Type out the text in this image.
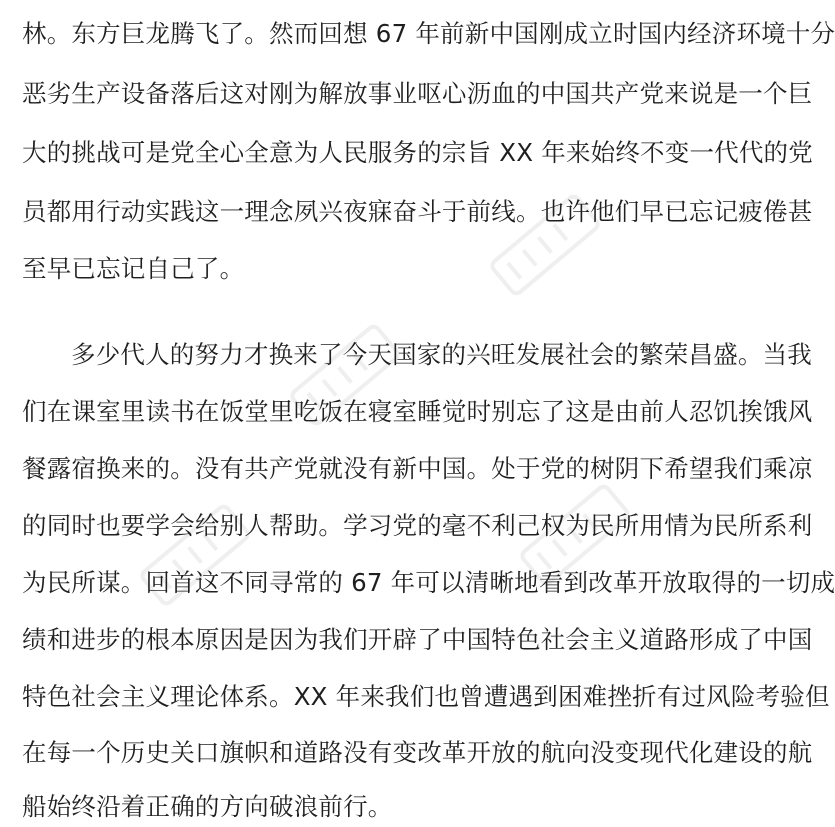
林。东方巨龙腾飞了。然而回想 67 年前新中国刚成立时国内经济环境十分
恶劣生产设备落后这对刚为解放事业呕心沥血的中国共产党来说是一个巨
大的挑战可是党全心全意为人民服务的宗旨 XX 年来始终不变一代代的党
员都用行动实践这一理念夙兴夜寐奋斗于前线。也许他们早已忘记疲倦甚
至早已忘记自己了。
多少代人的努力才换来了今天国家的兴旺发展社会的繁荣昌盛。当我
们在课室里读书在饭堂里吃饭在寝室睡觉时别忘了这是由前人忍饥挨饿风
餐露宿换来的。没有共产党就没有新中国。处于党的树阴下希望我们乘凉
的同时也要学会给别人帮助。学习党的毫不利己权为民所用情为民所系利
为民所谋。回首这不同寻常的 67 年可以清晰地看到改革开放取得的一切成
绩和进步的根本原因是因为我们开辟了中国特色社会主义道路形成了中国
特色社会主义理论体系。XX 年来我们也曾遭遇到困难挫折有过风险考验但
在每一个历史关口旗帜和道路没有变改革开放的航向没变现代化建设的航
船始终沿着正确的方向破浪前行。
